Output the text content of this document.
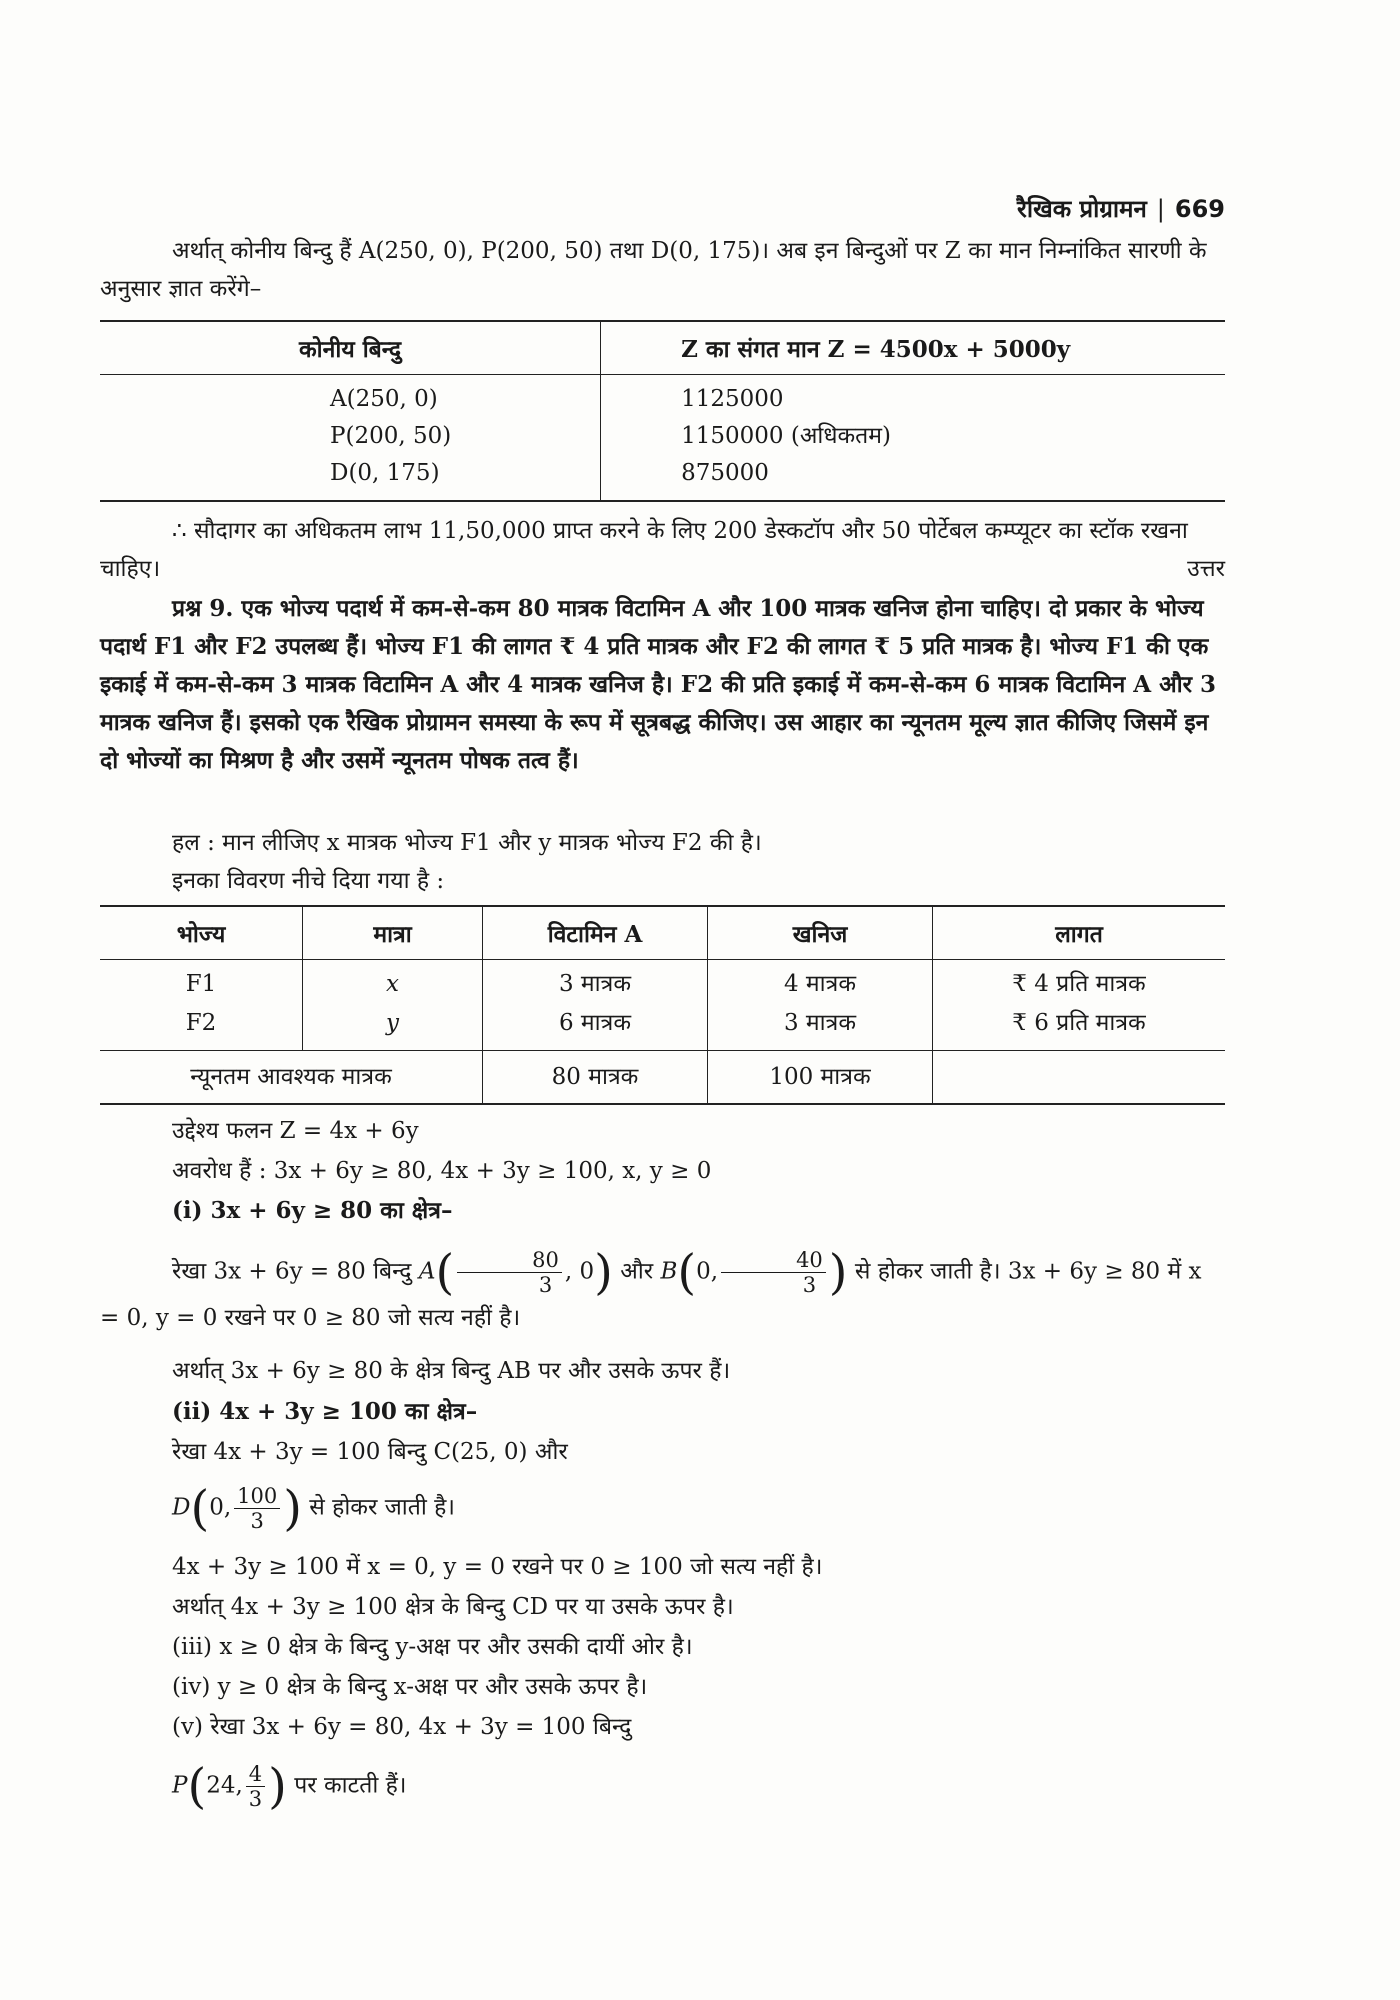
रैखिक प्रोग्रामन | 669

अर्थात् कोनीय बिन्दु हैं A(250, 0), P(200, 50) तथा D(0, 175)। अब इन बिन्दुओं पर Z का मान निम्नांकित सारणी के अनुसार ज्ञात करेंगे–

कोनीय बिन्दु	Z का संगत मान Z = 4500x + 5000y
A(250, 0)	1125000
P(200, 50)	1150000 (अधिकतम)
D(0, 175)	875000

∴ सौदागर का अधिकतम लाभ 11,50,000 प्राप्त करने के लिए 200 डेस्कटॉप और 50 पोर्टेबल कम्प्यूटर का स्टॉक रखना चाहिए।	उत्तर

प्रश्न 9. एक भोज्य पदार्थ में कम-से-कम 80 मात्रक विटामिन A और 100 मात्रक खनिज होना चाहिए। दो प्रकार के भोज्य पदार्थ F1 और F2 उपलब्ध हैं। भोज्य F1 की लागत ₹ 4 प्रति मात्रक और F2 की लागत ₹ 5 प्रति मात्रक है। भोज्य F1 की एक इकाई में कम-से-कम 3 मात्रक विटामिन A और 4 मात्रक खनिज है। F2 की प्रति इकाई में कम-से-कम 6 मात्रक विटामिन A और 3 मात्रक खनिज हैं। इसको एक रैखिक प्रोग्रामन समस्या के रूप में सूत्रबद्ध कीजिए। उस आहार का न्यूनतम मूल्य ज्ञात कीजिए जिसमें इन दो भोज्यों का मिश्रण है और उसमें न्यूनतम पोषक तत्व हैं।

हल : मान लीजिए x मात्रक भोज्य F1 और y मात्रक भोज्य F2 की है।

इनका विवरण नीचे दिया गया है :

भोज्य	मात्रा	विटामिन A	खनिज	लागत
F1	x	3 मात्रक	4 मात्रक	₹ 4 प्रति मात्रक
F2	y	6 मात्रक	3 मात्रक	₹ 6 प्रति मात्रक
न्यूनतम आवश्यक मात्रक		80 मात्रक	100 मात्रक	

उद्देश्य फलन Z = 4x + 6y

अवरोध हैं : 3x + 6y ≥ 80, 4x + 3y ≥ 100, x, y ≥ 0

(i) 3x + 6y ≥ 80 का क्षेत्र–

रेखा 3x + 6y = 80 बिन्दु $A( \frac{80}{3}$ , 0) और B(0, $\frac{40}{3}$ ) से होकर जाती है। 3x + 6y ≥ 80 में x = 0, y = 0 रखने पर 0 ≥ 80 जो सत्य नहीं है।

अर्थात् 3x + 6y ≥ 80 के क्षेत्र बिन्दु AB पर और उसके ऊपर हैं।

(ii) 4x + 3y ≥ 100 का क्षेत्र–

रेखा 4x + 3y = 100 बिन्दु C(25, 0) और

D(0, $\frac{100}{3}$ ) से होकर जाती है।

4x + 3y ≥ 100 में x = 0, y = 0 रखने पर 0 ≥ 100 जो सत्य नहीं है।

अर्थात् 4x + 3y ≥ 100 क्षेत्र के बिन्दु CD पर या उसके ऊपर है।

(iii) x ≥ 0 क्षेत्र के बिन्दु y-अक्ष पर और उसकी दायीं ओर है।

(iv) y ≥ 0 क्षेत्र के बिन्दु x-अक्ष पर और उसके ऊपर है।

(v) रेखा 3x + 6y = 80, 4x + 3y = 100 बिन्दु

P(24, $\frac{4}{3}$ ) पर काटती हैं।
